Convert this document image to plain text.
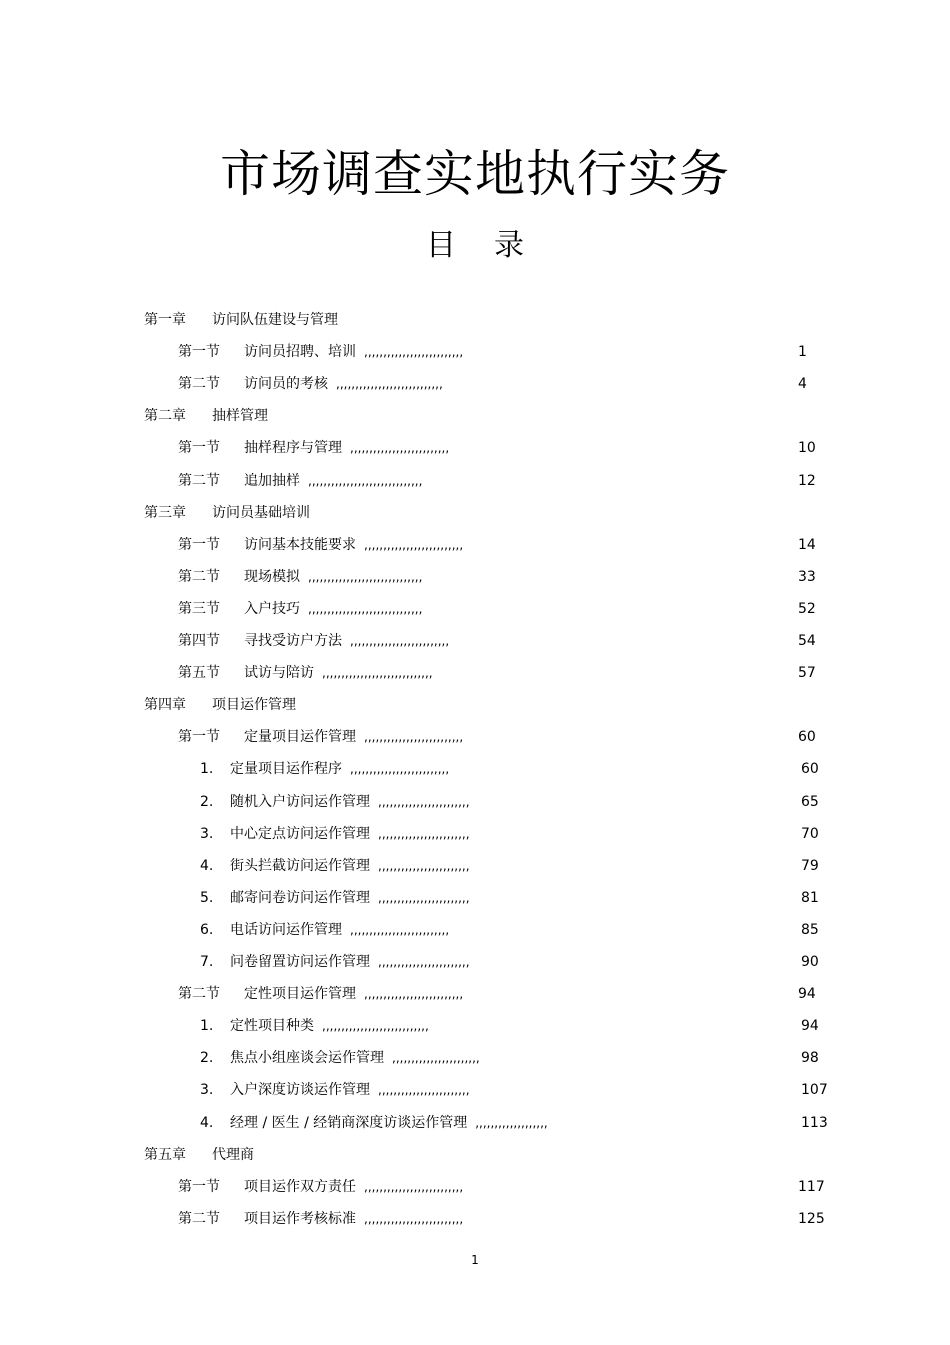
市场调查实地执行实务
目 录
第一章 访问队伍建设与管理
第一节 访问员招聘、培训 ,,,,,,,,,,,,,,,,,,,,,,,,,,	1
第二节 访问员的考核 ,,,,,,,,,,,,,,,,,,,,,,,,,,,,	4
第二章 抽样管理
第一节 抽样程序与管理 ,,,,,,,,,,,,,,,,,,,,,,,,,,	10
第二节 追加抽样 ,,,,,,,,,,,,,,,,,,,,,,,,,,,,,,	12
第三章 访问员基础培训
第一节 访问基本技能要求 ,,,,,,,,,,,,,,,,,,,,,,,,,,	14
第二节 现场模拟 ,,,,,,,,,,,,,,,,,,,,,,,,,,,,,,	33
第三节 入户技巧 ,,,,,,,,,,,,,,,,,,,,,,,,,,,,,,	52
第四节 寻找受访户方法 ,,,,,,,,,,,,,,,,,,,,,,,,,,	54
第五节 试访与陪访 ,,,,,,,,,,,,,,,,,,,,,,,,,,,,,	57
第四章 项目运作管理
第一节 定量项目运作管理 ,,,,,,,,,,,,,,,,,,,,,,,,,,	60
1. 定量项目运作程序 ,,,,,,,,,,,,,,,,,,,,,,,,,,	60
2. 随机入户访问运作管理 ,,,,,,,,,,,,,,,,,,,,,,,,	65
3. 中心定点访问运作管理 ,,,,,,,,,,,,,,,,,,,,,,,,	70
4. 街头拦截访问运作管理 ,,,,,,,,,,,,,,,,,,,,,,,,	79
5. 邮寄问卷访问运作管理 ,,,,,,,,,,,,,,,,,,,,,,,,	81
6. 电话访问运作管理 ,,,,,,,,,,,,,,,,,,,,,,,,,,	85
7. 问卷留置访问运作管理 ,,,,,,,,,,,,,,,,,,,,,,,,	90
第二节 定性项目运作管理 ,,,,,,,,,,,,,,,,,,,,,,,,,,	94
1. 定性项目种类 ,,,,,,,,,,,,,,,,,,,,,,,,,,,,	94
2. 焦点小组座谈会运作管理 ,,,,,,,,,,,,,,,,,,,,,,,	98
3. 入户深度访谈运作管理 ,,,,,,,,,,,,,,,,,,,,,,,,	107
4. 经理 / 医生 / 经销商深度访谈运作管理 ,,,,,,,,,,,,,,,,,,,	113
第五章 代理商
第一节 项目运作双方责任 ,,,,,,,,,,,,,,,,,,,,,,,,,,	117
第二节 项目运作考核标准 ,,,,,,,,,,,,,,,,,,,,,,,,,,	125
1
